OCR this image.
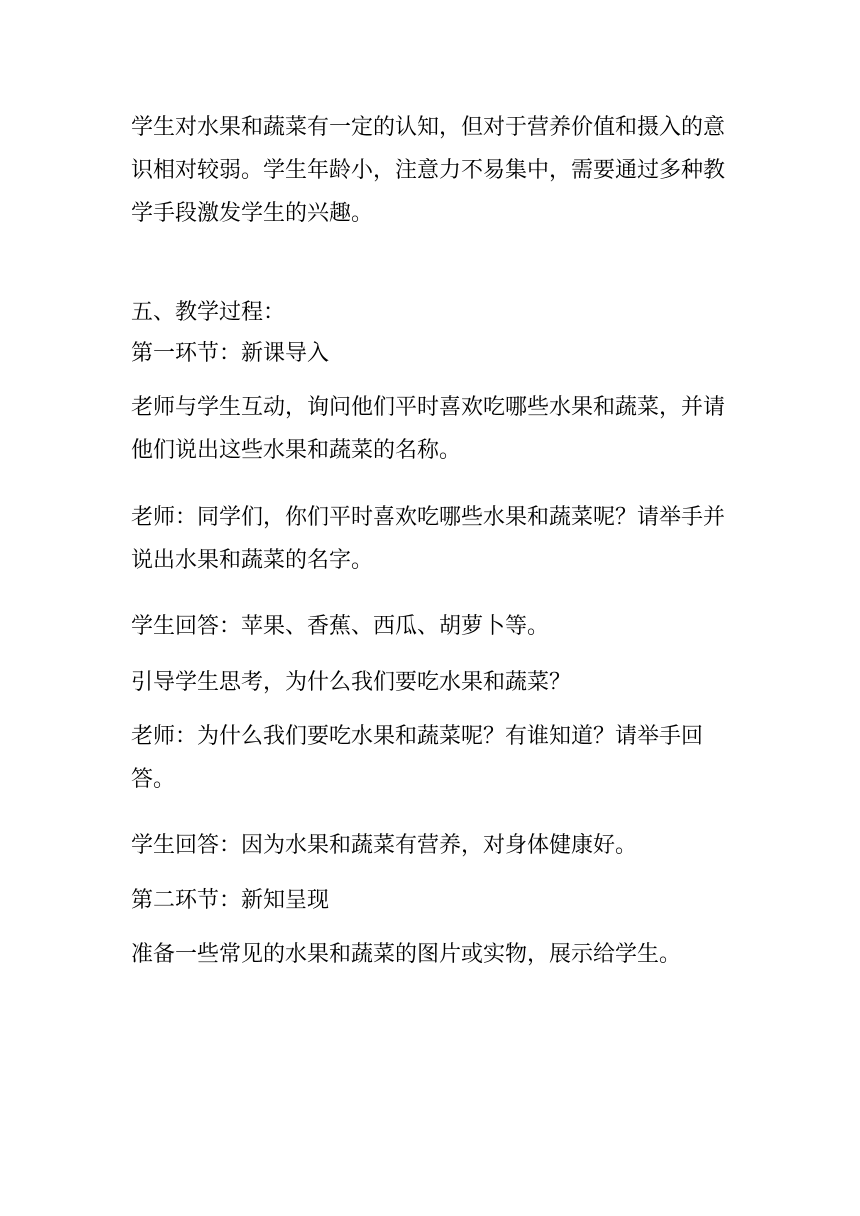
学生对水果和蔬菜有一定的认知，但对于营养价值和摄入的意识相对较弱。学生年龄小，注意力不易集中，需要通过多种教学手段激发学生的兴趣。

五、教学过程：

第一环节：新课导入

老师与学生互动，询问他们平时喜欢吃哪些水果和蔬菜，并请他们说出这些水果和蔬菜的名称。

老师：同学们，你们平时喜欢吃哪些水果和蔬菜呢？请举手并说出水果和蔬菜的名字。

学生回答：苹果、香蕉、西瓜、胡萝卜等。

引导学生思考，为什么我们要吃水果和蔬菜？

老师：为什么我们要吃水果和蔬菜呢？有谁知道？请举手回答。

学生回答：因为水果和蔬菜有营养，对身体健康好。

第二环节：新知呈现

准备一些常见的水果和蔬菜的图片或实物，展示给学生。
